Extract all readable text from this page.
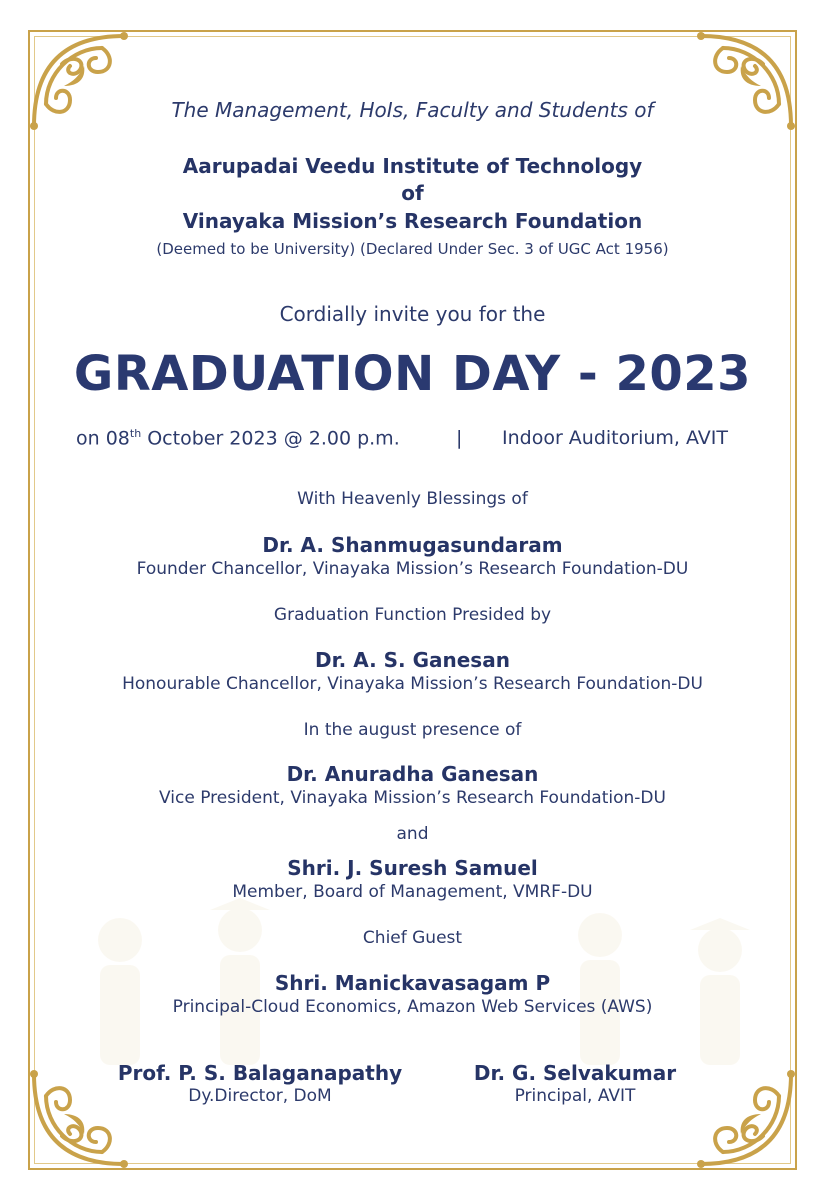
The Management, HoIs, Faculty and Students of
Aarupadai Veedu Institute of Technology
of
Vinayaka Mission’s Research Foundation
(Deemed to be University) (Declared Under Sec. 3 of UGC Act 1956)
Cordially invite you for the
GRADUATION DAY - 2023
on 08th October 2023 @ 2.00 p.m.	| Indoor Auditorium, AVIT
With Heavenly Blessings of
Dr. A. Shanmugasundaram
Founder Chancellor, Vinayaka Mission’s Research Foundation-DU
Graduation Function Presided by
Dr. A. S. Ganesan
Honourable Chancellor, Vinayaka Mission’s Research Foundation-DU
In the august presence of
Dr. Anuradha Ganesan
Vice President, Vinayaka Mission’s Research Foundation-DU
and
Shri. J. Suresh Samuel
Member, Board of Management, VMRF-DU
Chief Guest
Shri. Manickavasagam P
Principal-Cloud Economics, Amazon Web Services (AWS)
Prof. P. S. Balaganapathy
Dy.Director, DoM
Dr. G. Selvakumar
Principal, AVIT
